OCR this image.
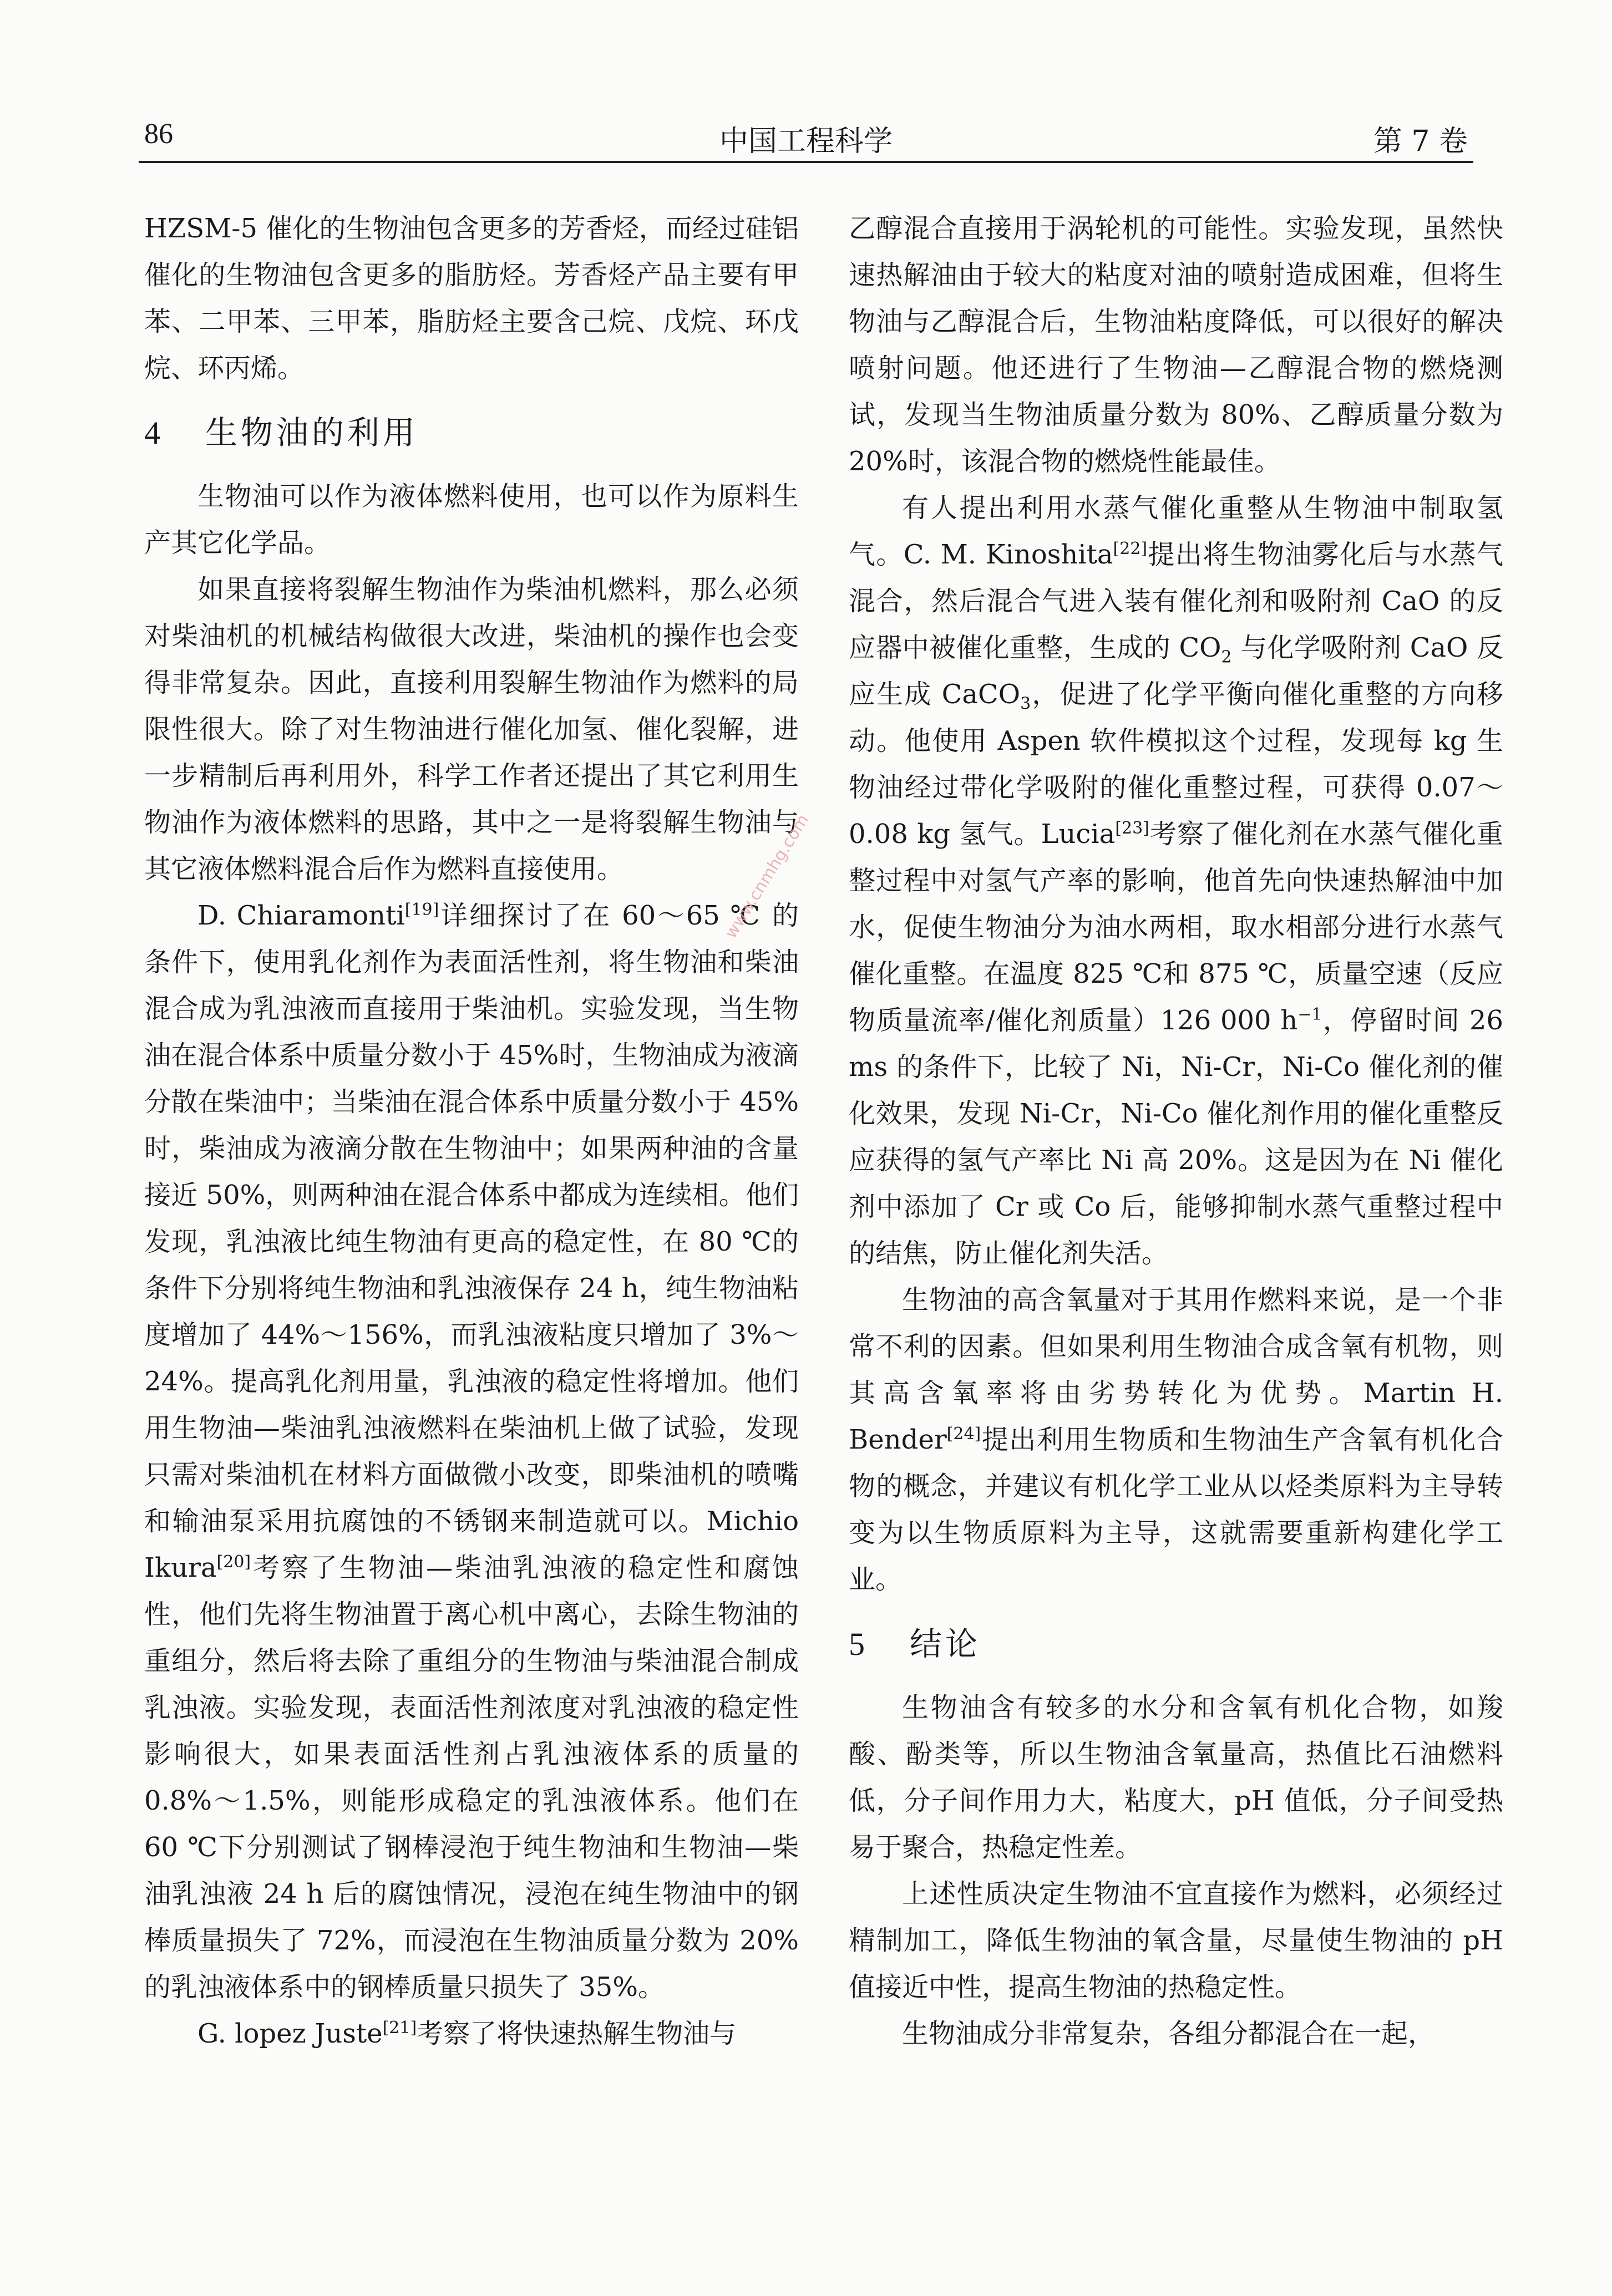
86	中国工程科学	第 7 卷

HZSM-5 催化的生物油包含更多的芳香烃，而经过硅铝催化的生物油包含更多的脂肪烃。芳香烃产品主要有甲苯、二甲苯、三甲苯，脂肪烃主要含己烷、戊烷、环戊烷、环丙烯。

4 生物油的利用

生物油可以作为液体燃料使用，也可以作为原料生产其它化学品。

如果直接将裂解生物油作为柴油机燃料，那么必须对柴油机的机械结构做很大改进，柴油机的操作也会变得非常复杂。因此，直接利用裂解生物油作为燃料的局限性很大。除了对生物油进行催化加氢、催化裂解，进一步精制后再利用外，科学工作者还提出了其它利用生物油作为液体燃料的思路，其中之一是将裂解生物油与其它液体燃料混合后作为燃料直接使用。

D. Chiaramonti[19]详细探讨了在 60～65 ℃ 的条件下，使用乳化剂作为表面活性剂，将生物油和柴油混合成为乳浊液而直接用于柴油机。实验发现，当生物油在混合体系中质量分数小于 45%时，生物油成为液滴分散在柴油中；当柴油在混合体系中质量分数小于 45%时，柴油成为液滴分散在生物油中；如果两种油的含量接近 50%，则两种油在混合体系中都成为连续相。他们发现，乳浊液比纯生物油有更高的稳定性，在 80 ℃的条件下分别将纯生物油和乳浊液保存 24 h，纯生物油粘度增加了 44%～156%，而乳浊液粘度只增加了 3%～24%。提高乳化剂用量，乳浊液的稳定性将增加。他们用生物油—柴油乳浊液燃料在柴油机上做了试验，发现只需对柴油机在材料方面做微小改变，即柴油机的喷嘴和输油泵采用抗腐蚀的不锈钢来制造就可以。Michio Ikura[20]考察了生物油—柴油乳浊液的稳定性和腐蚀性，他们先将生物油置于离心机中离心，去除生物油的重组分，然后将去除了重组分的生物油与柴油混合制成乳浊液。实验发现，表面活性剂浓度对乳浊液的稳定性影响很大，如果表面活性剂占乳浊液体系的质量的 0.8%～1.5%，则能形成稳定的乳浊液体系。他们在 60 ℃下分别测试了钢棒浸泡于纯生物油和生物油—柴油乳浊液 24 h 后的腐蚀情况，浸泡在纯生物油中的钢棒质量损失了 72%，而浸泡在生物油质量分数为 20%的乳浊液体系中的钢棒质量只损失了 35%。

G. lopez Juste[21]考察了将快速热解生物油与

乙醇混合直接用于涡轮机的可能性。实验发现，虽然快速热解油由于较大的粘度对油的喷射造成困难，但将生物油与乙醇混合后，生物油粘度降低，可以很好的解决喷射问题。他还进行了生物油—乙醇混合物的燃烧测试，发现当生物油质量分数为 80%、乙醇质量分数为 20%时，该混合物的燃烧性能最佳。

有人提出利用水蒸气催化重整从生物油中制取氢气。C. M. Kinoshita[22]提出将生物油雾化后与水蒸气混合，然后混合气进入装有催化剂和吸附剂 CaO 的反应器中被催化重整，生成的 $CO_2$ 与化学吸附剂 CaO 反应生成 CaCO$_3$，促进了化学平衡向催化重整的方向移动。他使用 Aspen 软件模拟这个过程，发现每 kg 生物油经过带化学吸附的催化重整过程，可获得 0.07～0.08 kg 氢气。Lucia[23]考察了催化剂在水蒸气催化重整过程中对氢气产率的影响，他首先向快速热解油中加水，促使生物油分为油水两相，取水相部分进行水蒸气催化重整。在温度 825 ℃和 875 ℃，质量空速（反应物质量流率/催化剂质量）126 000 $h^{-1}$，停留时间 26 ms 的条件下，比较了 Ni，Ni-Cr，Ni-Co 催化剂的催化效果，发现 Ni-Cr，Ni-Co 催化剂作用的催化重整反应获得的氢气产率比 Ni 高 20%。这是因为在 Ni 催化剂中添加了 Cr 或 Co 后，能够抑制水蒸气重整过程中的结焦，防止催化剂失活。

生物油的高含氧量对于其用作燃料来说，是一个非常不利的因素。但如果利用生物油合成含氧有机物，则其高含氧率将由劣势转化为优势。Martin H. Bender[24]提出利用生物质和生物油生产含氧有机化合物的概念，并建议有机化学工业从以烃类原料为主导转变为以生物质原料为主导，这就需要重新构建化学工业。

5 结论

生物油含有较多的水分和含氧有机化合物，如羧酸、酚类等，所以生物油含氧量高，热值比石油燃料低，分子间作用力大，粘度大，pH 值低，分子间受热易于聚合，热稳定性差。

上述性质决定生物油不宜直接作为燃料，必须经过精制加工，降低生物油的氧含量，尽量使生物油的 pH 值接近中性，提高生物油的热稳定性。

生物油成分非常复杂，各组分都混合在一起，

www.cnmhg.com
